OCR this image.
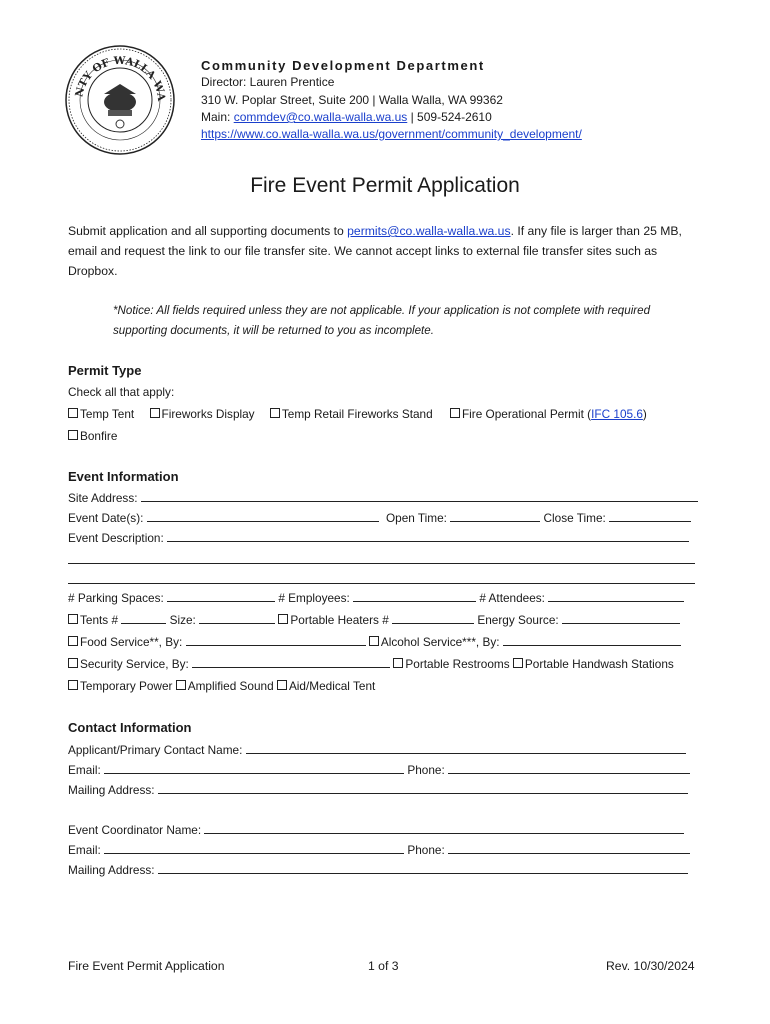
NTY OF WALLA WA
Community Development Department
Director: Lauren Prentice
310 W. Poplar Street, Suite 200 | Walla Walla, WA 99362
Main: commdev@co.walla-walla.wa.us | 509-524-2610
https://www.co.walla-walla.wa.us/government/community_development/
Fire Event Permit Application
Submit application and all supporting documents to permits@co.walla-walla.wa.us. If any file is larger than 25 MB, email and request the link to our file transfer site. We cannot accept links to external file transfer sites such as Dropbox.
*Notice: All fields required unless they are not applicable. If your application is not complete with required supporting documents, it will be returned to you as incomplete.
Permit Type
Check all that apply:
Temp Tent Fireworks Display Temp Retail Fireworks Stand Fire Operational Permit (IFC 105.6)
Bonfire
Event Information
Site Address:
Event Date(s):	Open Time:	Close Time:
Event Description:
# Parking Spaces:	# Employees:	# Attendees:
Tents #	Size:	Portable Heaters #	Energy Source:
Food Service**, By:	Alcohol Service***, By:
Security Service, By:	Portable Restrooms Portable Handwash Stations
Temporary Power Amplified Sound Aid/Medical Tent
Contact Information
Applicant/Primary Contact Name:
Email:	Phone:
Mailing Address:
Event Coordinator Name:
Email:	Phone:
Mailing Address:
Fire Event Permit Application	1 of 3	Rev. 10/30/2024
